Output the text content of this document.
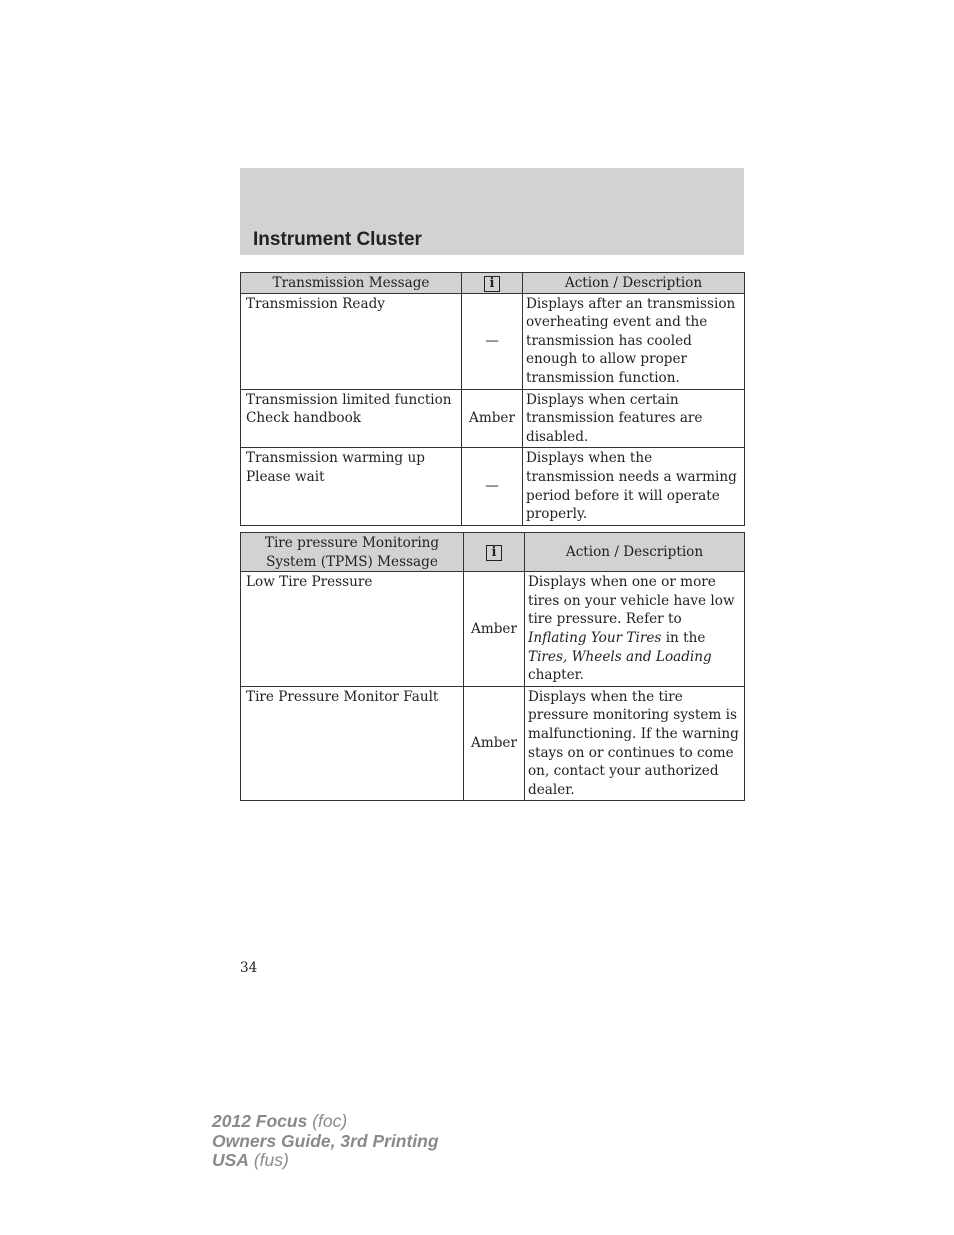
Instrument Cluster
Transmission Message	i	Action / Description
Transmission Ready	—	Displays after an transmission overheating event and the transmission has cooled enough to allow proper transmission function.
Transmission limited function Check handbook	Amber	Displays when certain transmission features are disabled.
Transmission warming up Please wait	—	Displays when the transmission needs a warming period before it will operate properly.
Tire pressure Monitoring System (TPMS) Message	i	Action / Description
Low Tire Pressure	Amber	Displays when one or more tires on your vehicle have low tire pressure. Refer to Inflating Your Tires in the Tires, Wheels and Loading chapter.
Tire Pressure Monitor Fault	Amber	Displays when the tire pressure monitoring system is malfunctioning. If the warning stays on or continues to come on, contact your authorized dealer.
34
2012 Focus (foc)
Owners Guide, 3rd Printing
USA (fus)
